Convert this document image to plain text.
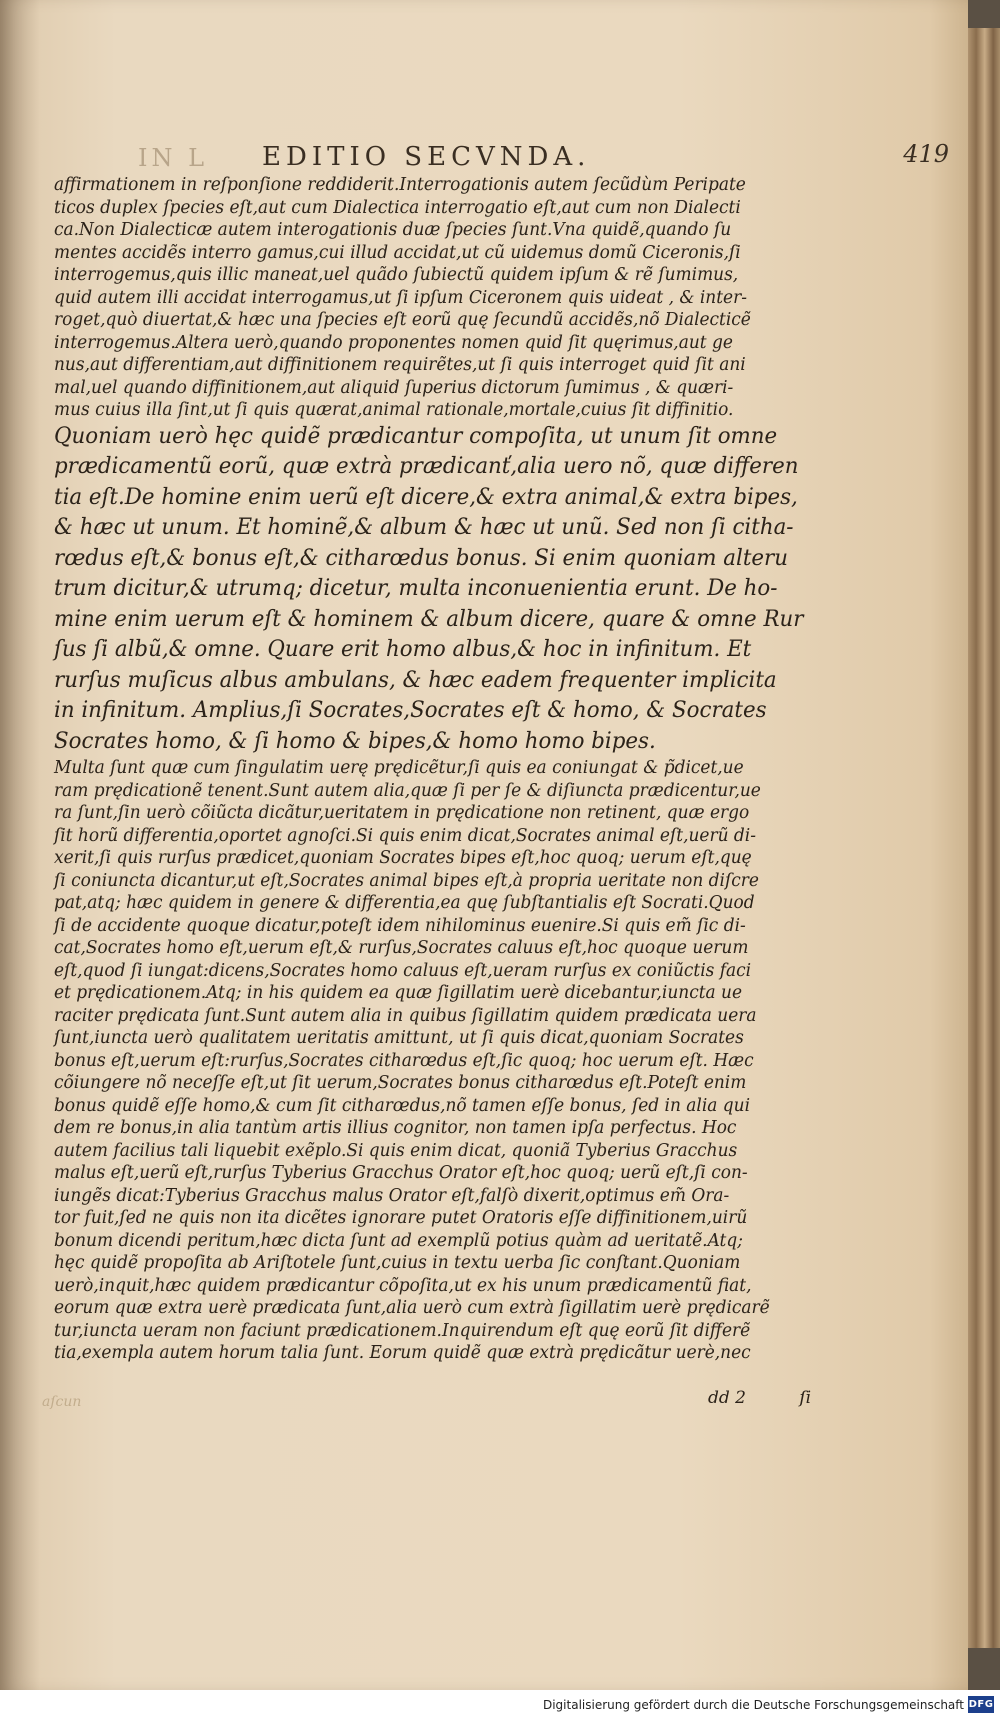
IN L EDITIO SECVNDA.	419
affirmationem in reſponſione reddiderit.Interrogationis autem ſecũdùm Peripate
ticos duplex ſpecies eſt,aut cum Dialectica interrogatio eſt,aut cum non Dialecti
ca.Non Dialecticæ autem interogationis duæ ſpecies ſunt.Vna quidẽ,quando ſu
mentes accidẽs interro gamus,cui illud accidat,ut cũ uidemus domũ Ciceronis,ſi
interrogemus,quis illic maneat,uel quãdo ſubiectũ quidem ipſum & rẽ ſumimus,
quid autem illi accidat interrogamus,ut ſi ipſum Ciceronem quis uideat , & inter-
roget,quò diuertat,& hæc una ſpecies eſt eorũ quę ſecundũ accidẽs,nõ Dialecticẽ
interrogemus.Altera uerò,quando proponentes nomen quid ſit quęrimus,aut ge
nus,aut differentiam,aut diffinitionem requirẽtes,ut ſi quis interroget quid ſit ani
mal,uel quando diffinitionem,aut aliquid ſuperius dictorum ſumimus , & quæri-
mus cuius illa ſint,ut ſi quis quærat,animal rationale,mortale,cuius ſit diffinitio.
Quoniam uerò hęc quidẽ prædicantur compoſita, ut unum ſit omne
prædicamentũ eorũ, quæ extrà prædicanť,alia uero nõ, quæ differen
tia eſt.De homine enim uerũ eſt dicere,& extra animal,& extra bipes,
& hæc ut unum. Et hominẽ,& album & hæc ut unũ. Sed non ſi citha-
rœdus eſt,& bonus eſt,& citharœdus bonus. Si enim quoniam alteru
trum dicitur,& utrumq; dicetur, multa inconuenientia erunt. De ho-
mine enim uerum eſt & hominem & album dicere, quare & omne Rur
ſus ſi albũ,& omne. Quare erit homo albus,& hoc in infinitum. Et
rurſus muſicus albus ambulans, & hæc eadem frequenter implicita
in infinitum. Amplius,ſi Socrates,Socrates eſt & homo, & Socrates
Socrates homo, & ſi homo & bipes,& homo homo bipes.
Multa ſunt quæ cum ſingulatim uerę prędicẽtur,ſi quis ea coniungat & p̃dicet,ue
ram prędicationẽ tenent.Sunt autem alia,quæ ſi per ſe & diſiuncta prædicentur,ue
ra ſunt,ſin uerò cõiũcta dicãtur,ueritatem in prędicatione non retinent, quæ ergo
ſit horũ differentia,oportet agnoſci.Si quis enim dicat,Socrates animal eſt,uerũ di-
xerit,ſi quis rurſus prædicet,quoniam Socrates bipes eſt,hoc quoq; uerum eſt,quę
ſi coniuncta dicantur,ut eſt,Socrates animal bipes eſt,à propria ueritate non diſcre
pat,atq; hæc quidem in genere & differentia,ea quę ſubſtantialis eſt Socrati.Quod
ſi de accidente quoque dicatur,poteſt idem nihilominus euenire.Si quis em̃ ſic di-
cat,Socrates homo eſt,uerum eſt,& rurſus,Socrates caluus eſt,hoc quoque uerum
eſt,quod ſi iungat:dicens,Socrates homo caluus eſt,ueram rurſus ex coniũctis faci
et prędicationem.Atq; in his quidem ea quæ ſigillatim uerè dicebantur,iuncta ue
raciter prędicata ſunt.Sunt autem alia in quibus ſigillatim quidem prædicata uera
ſunt,iuncta uerò qualitatem ueritatis amittunt, ut ſi quis dicat,quoniam Socrates
bonus eſt,uerum eſt:rurſus,Socrates citharœdus eſt,ſic quoq; hoc uerum eſt. Hæc
cõiungere nõ neceſſe eſt,ut ſit uerum,Socrates bonus citharœdus eſt.Poteſt enim
bonus quidẽ eſſe homo,& cum ſit citharœdus,nõ tamen eſſe bonus, ſed in alia qui
dem re bonus,in alia tantùm artis illius cognitor, non tamen ipſa perfectus. Hoc
autem facilius tali liquebit exẽplo.Si quis enim dicat, quoniã Tyberius Gracchus
malus eſt,uerũ eſt,rurſus Tyberius Gracchus Orator eſt,hoc quoq; uerũ eſt,ſi con-
iungẽs dicat:Tyberius Gracchus malus Orator eſt,falſò dixerit,optimus em̃ Ora-
tor fuit,ſed ne quis non ita dicẽtes ignorare putet Oratoris eſſe diffinitionem,uirũ
bonum dicendi peritum,hæc dicta ſunt ad exemplũ potius quàm ad ueritatẽ.Atq;
hęc quidẽ propoſita ab Ariſtotele ſunt,cuius in textu uerba ſic conſtant.Quoniam
uerò,inquit,hæc quidem prædicantur cõpoſita,ut ex his unum prædicamentũ fiat,
eorum quæ extra uerè prædicata ſunt,alia uerò cum extrà ſigillatim uerè prędicarẽ
tur,iuncta ueram non faciunt prædicationem.Inquirendum eſt quę eorũ ſit differẽ
tia,exempla autem horum talia ſunt. Eorum quidẽ quæ extrà prędicãtur uerè,nec
aſcun	dd 2	ſi
Digitalisierung gefördert durch die Deutsche Forschungsgemeinschaft DFG
